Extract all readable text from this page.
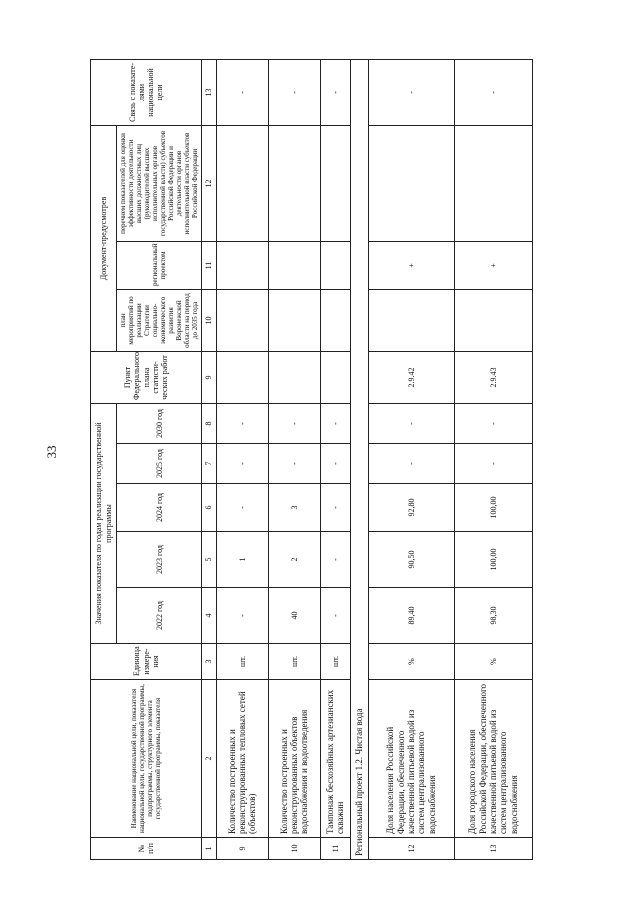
33
№ п/п	Наименование национальной цели, показателя национальной цели, государственной программы, подпрограммы, структурного элемента государственной программы, показателя	Единица измере-ния	Значения показателя по годам реализации государственной программы					Пункт Федерального плана статисти-ческих работ	Документ-предусмотрев			Связь с показате-лями национальной цели
			2022 год	2023 год	2024 год	2025 год	2030 год		план мероприятий по реализации Стратегии социально-экономического развития Воронежской области на период до 2035 года	региональный проектом	перечнем показателей для оценки эффективности деятельности высших должностных лиц (руководителей высших исполнительных органов государственной власти) субъектов Российской Федерации и деятельности органов исполнительной власти субъектов Российской Федерации	
1	2	3	4	5	6	7	8	9	10	11	12	13
9	Количество построенных и реконструированных тепловых сетей (объектов)	шт.	-	1	-	-	-					-
10	Количество построенных и реконструированных объектов водоснабжения и водоотведения	шт.	40	2	3	-	-					-
11	Тампонаж бесхозяйных артезианских скважин	шт.	-	-	-	-	-					-
Региональный проект 1.2. Чистая вода												
12	Доля населения Российской Федерации, обеспеченного качественной питьевой водой из систем централизованного водоснабжения	%	89,40	90,50	92,80	-	-	2.9.42		+		-
13	Доля городского населения Российской Федерации, обеспеченного качественной питьевой водой из систем централизованного водоснабжения	%	98,30	100,00	100,00	-	-	2.9.43		+		-
